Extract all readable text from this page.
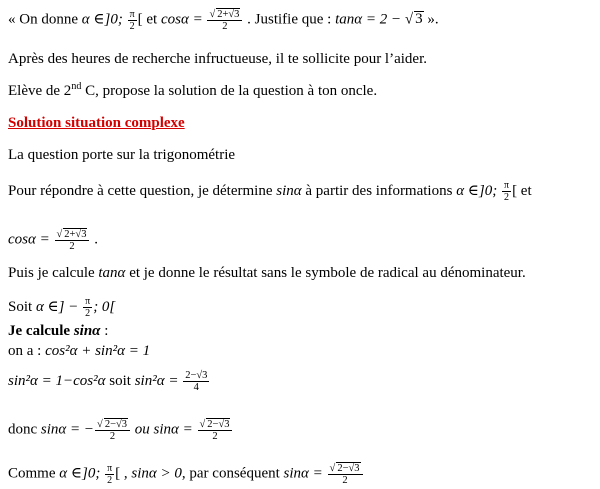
« On donne α ∈]0; $\frac{\pi}{2}$ [ et $\cos\alpha = \frac{√ 2+√3}{2}$ . Justifie que : tanα = 2 − √ 3 ».
Après des heures de recherche infructueuse, il te sollicite pour l’aider.
Elève de 2nd C, propose la solution de la question à ton oncle.
Solution situation complexe
La question porte sur la trigonométrie
Pour répondre à cette question, je détermine sinα à partir des informations α ∈]0; $\frac{\pi}{2}$ [ et
$\cos\alpha = \frac{√ 2+√3}{2}$ .
Puis je calcule tanα et je donne le résultat sans le symbole de radical au dénominateur.
Soit α ∈] − $\frac{\pi}{2}$ ; 0[
Je calcule sinα :
on a : cos²α + sin²α = 1
sin²α = 1−cos²α soit $\sin^2\alpha = \frac{2-√3}{4}$
donc sinα = − $\frac{√ 2-√3}{2}$ ou $\sin\alpha = \frac{√ 2-√3}{2}$
Comme α ∈]0; $\frac{\pi}{2}$ [ , sinα > 0, par conséquent $\sin\alpha = \frac{√ 2-√3}{2}$
